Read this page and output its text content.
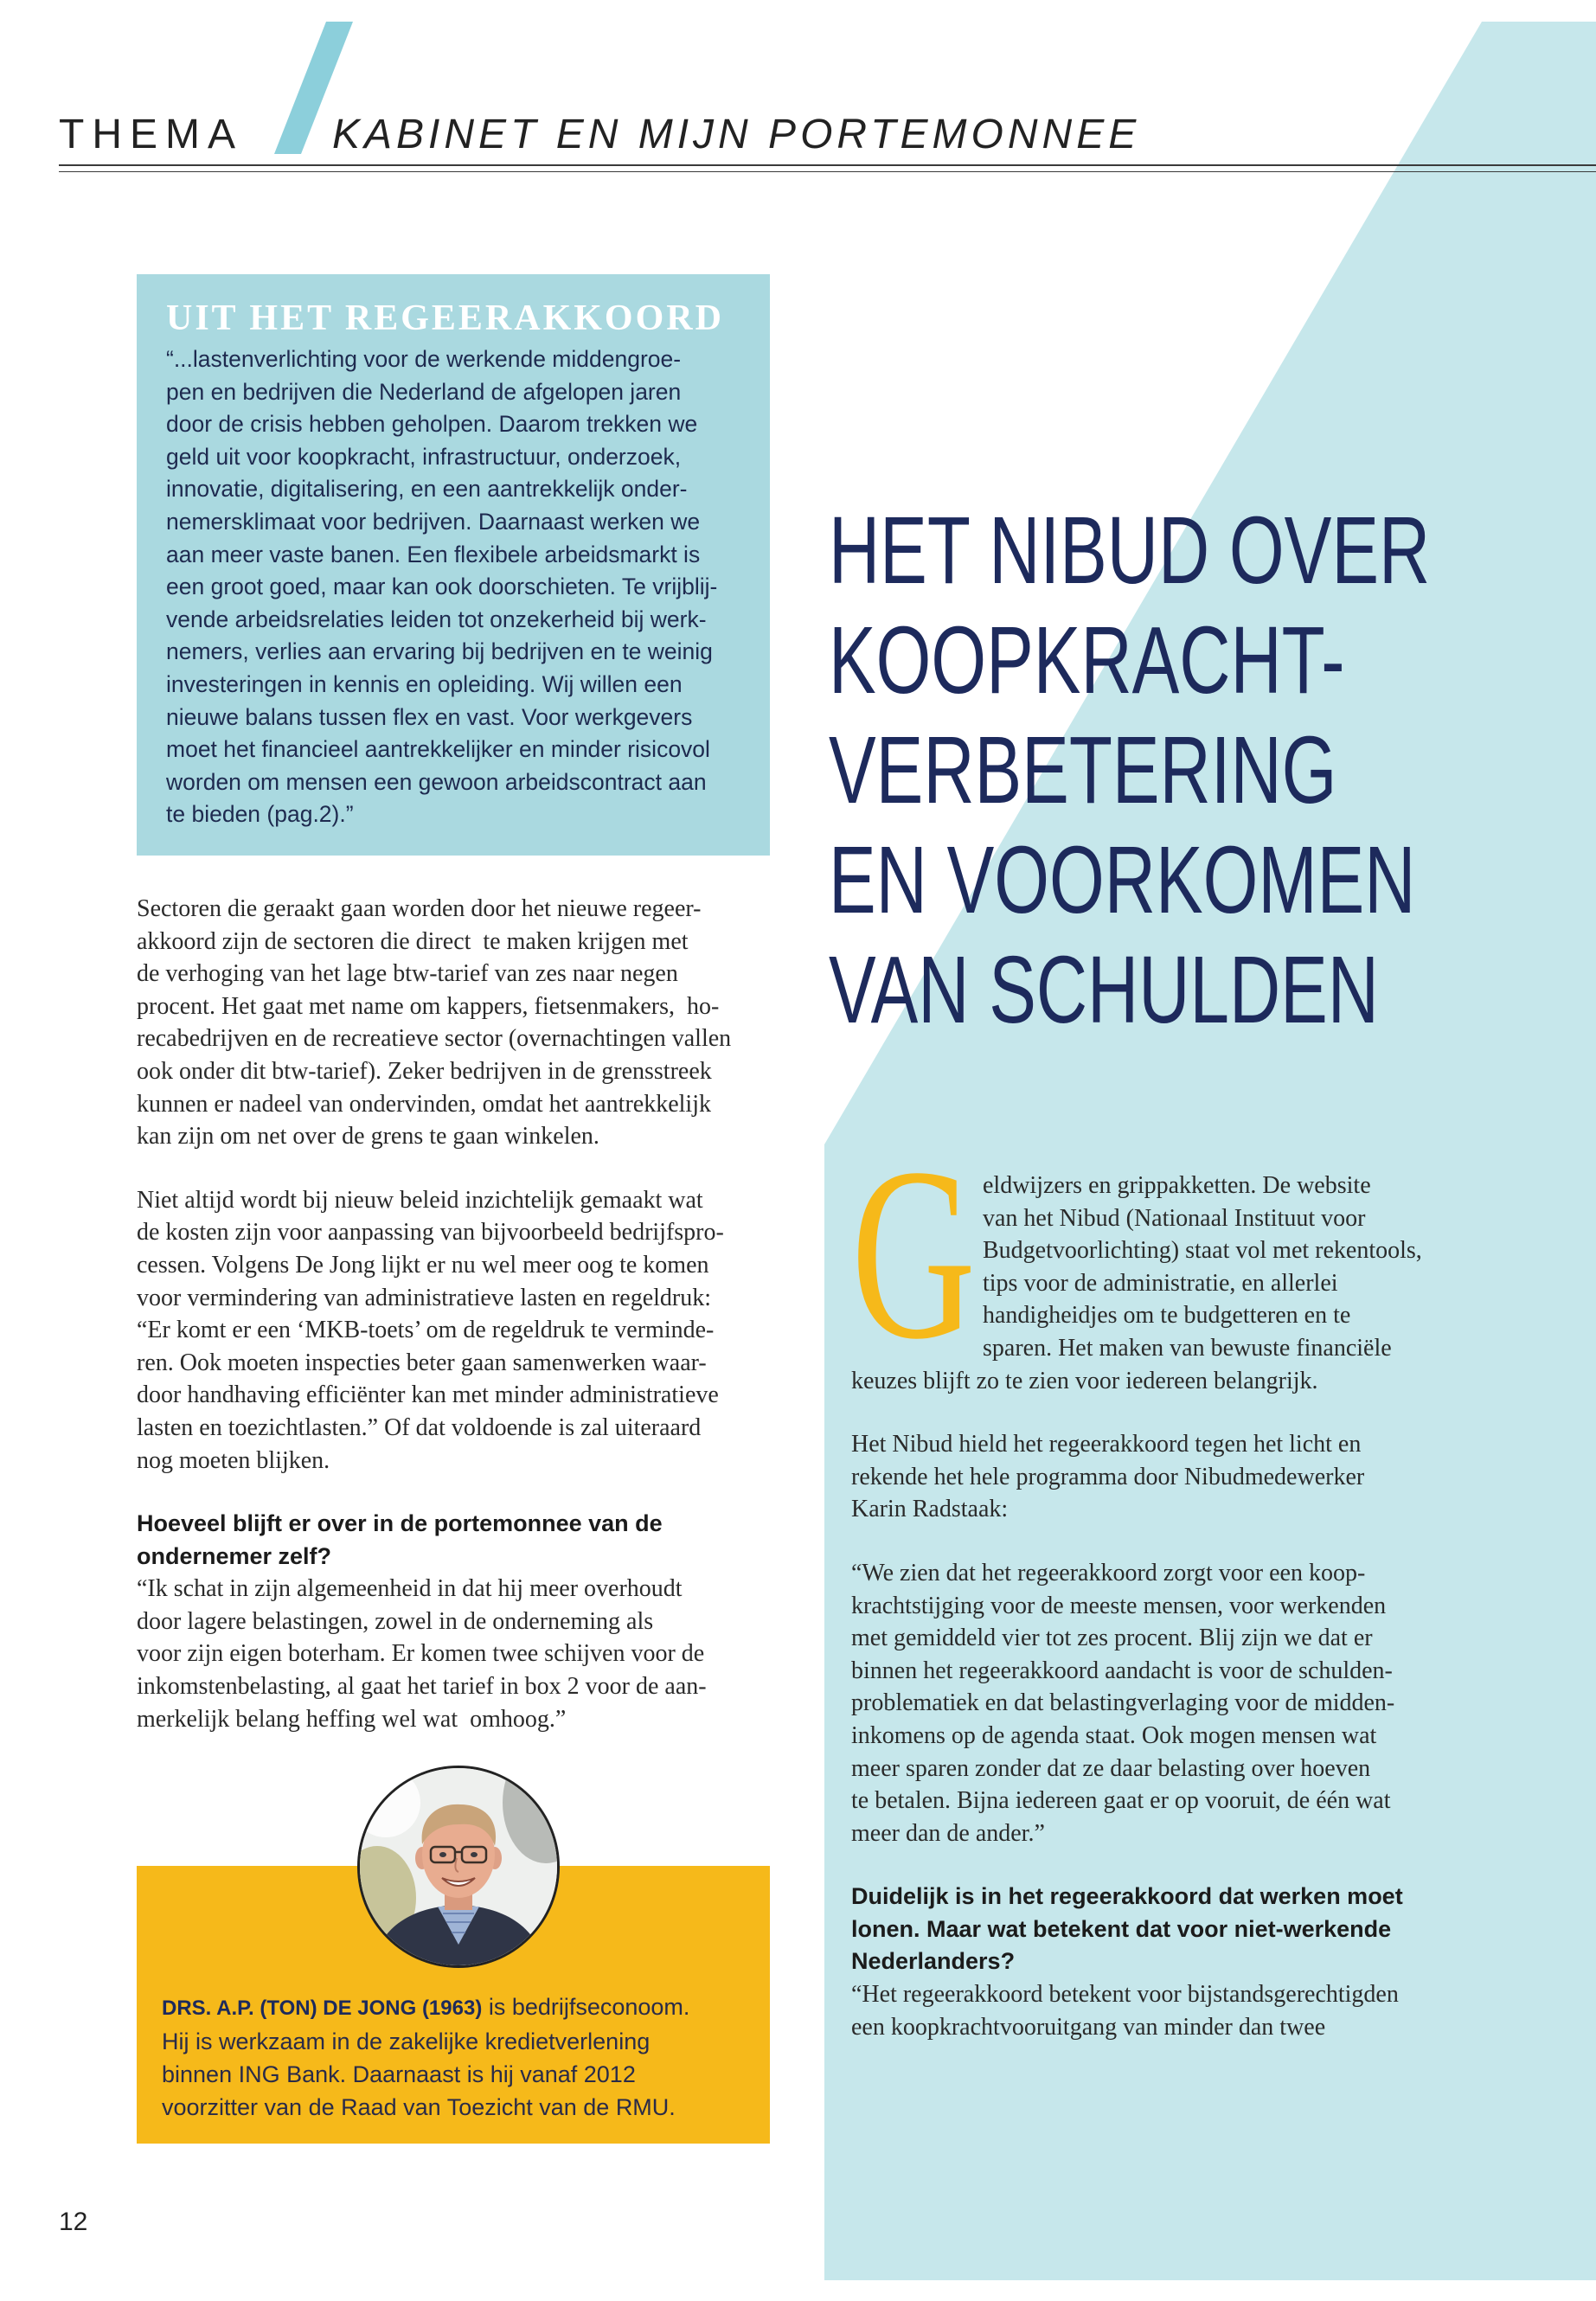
THEMA KABINET EN MIJN PORTEMONNEE
UIT HET REGEERAKKOORD
“...lastenverlichting voor de werkende middengroe-
pen en bedrijven die Nederland de afgelopen jaren
door de crisis hebben geholpen. Daarom trekken we
geld uit voor koopkracht, infrastructuur, onderzoek,
innovatie, digitalisering, en een aantrekkelijk onder-
nemersklimaat voor bedrijven. Daarnaast werken we
aan meer vaste banen. Een flexibele arbeidsmarkt is
een groot goed, maar kan ook doorschieten. Te vrijblij-
vende arbeidsrelaties leiden tot onzekerheid bij werk-
nemers, verlies aan ervaring bij bedrijven en te weinig
investeringen in kennis en opleiding. Wij willen een
nieuwe balans tussen flex en vast. Voor werkgevers
moet het financieel aantrekkelijker en minder risicovol
worden om mensen een gewoon arbeidscontract aan
te bieden (pag.2).”

Sectoren die geraakt gaan worden door het nieuwe regeer-
akkoord zijn de sectoren die direct  te maken krijgen met
de verhoging van het lage btw-tarief van zes naar negen
procent. Het gaat met name om kappers, fietsenmakers,  ho-
recabedrijven en de recreatieve sector (overnachtingen vallen
ook onder dit btw-tarief). Zeker bedrijven in de grensstreek
kunnen er nadeel van ondervinden, omdat het aantrekkelijk
kan zijn om net over de grens te gaan winkelen.

Niet altijd wordt bij nieuw beleid inzichtelijk gemaakt wat
de kosten zijn voor aanpassing van bijvoorbeeld bedrijfspro-
cessen. Volgens De Jong lijkt er nu wel meer oog te komen
voor vermindering van administratieve lasten en regeldruk:
“Er komt er een ‘MKB-toets’ om de regeldruk te verminde-
ren. Ook moeten inspecties beter gaan samenwerken waar-
door handhaving efficiënter kan met minder administratieve
lasten en toezichtlasten.” Of dat voldoende is zal uiteraard
nog moeten blijken.

Hoeveel blijft er over in de portemonnee van de
ondernemer zelf?

“Ik schat in zijn algemeenheid in dat hij meer overhoudt
door lagere belastingen, zowel in de onderneming als
voor zijn eigen boterham. Er komen twee schijven voor de
inkomstenbelasting, al gaat het tarief in box 2 voor de aan-
merkelijk belang heffing wel wat  omhoog.”

DRS. A.P. (TON) DE JONG (1963) is bedrijfseconoom.
Hij is werkzaam in de zakelijke kredietverlening
binnen ING Bank. Daarnaast is hij vanaf 2012
voorzitter van de Raad van Toezicht van de RMU.
HET NIBUD OVER
KOOPKRACHT-
VERBETERING
EN VOORKOMEN
VAN SCHULDEN

G eldwijzers en grippakketten. De website
van het Nibud (Nationaal Instituut voor
Budgetvoorlichting) staat vol met rekentools,
tips voor de administratie, en allerlei
handigheidjes om te budgetteren en te
sparen. Het maken van bewuste financiële
keuzes blijft zo te zien voor iedereen belangrijk.

Het Nibud hield het regeerakkoord tegen het licht en
rekende het hele programma door Nibudmedewerker
Karin Radstaak:

“We zien dat het regeerakkoord zorgt voor een koop-
krachtstijging voor de meeste mensen, voor werkenden
met gemiddeld vier tot zes procent. Blij zijn we dat er
binnen het regeerakkoord aandacht is voor de schulden-
problematiek en dat belastingverlaging voor de midden-
inkomens op de agenda staat. Ook mogen mensen wat
meer sparen zonder dat ze daar belasting over hoeven
te betalen. Bijna iedereen gaat er op vooruit, de één wat
meer dan de ander.”

Duidelijk is in het regeerakkoord dat werken moet
lonen. Maar wat betekent dat voor niet-werkende
Nederlanders?

“Het regeerakkoord betekent voor bijstandsgerechtigden
een koopkrachtvooruitgang van minder dan twee

12
